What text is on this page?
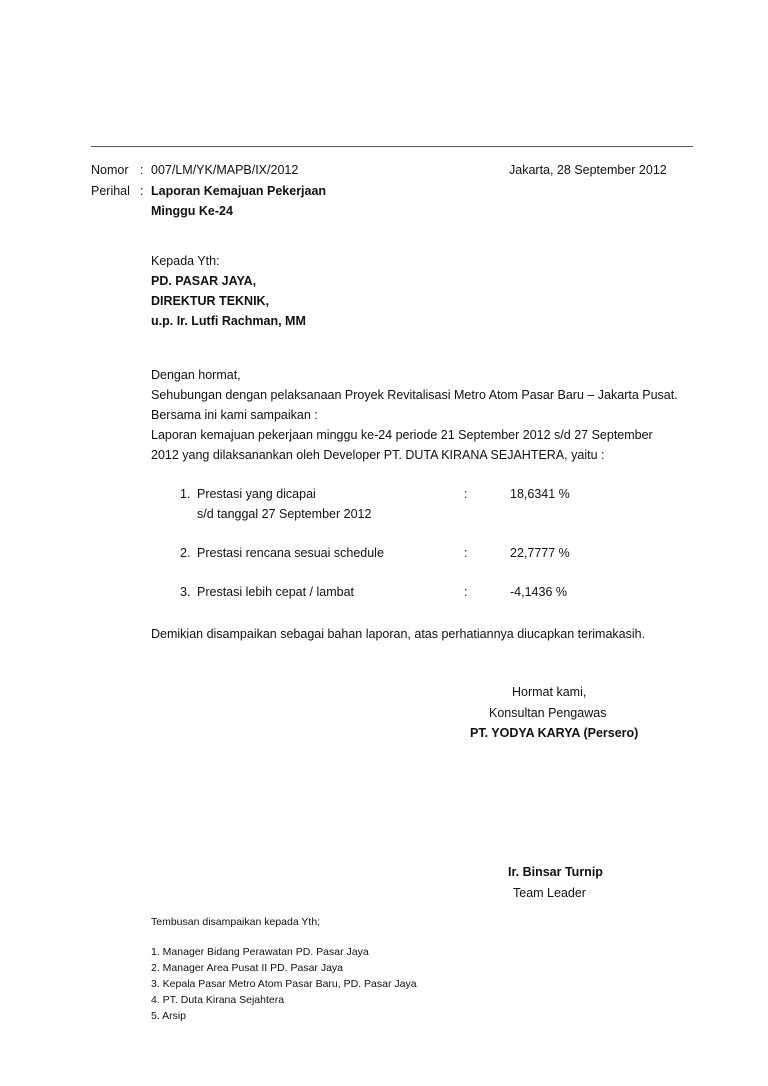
Nomor : 007/LM/YK/MAPB/IX/2012	Jakarta, 28 September 2012
Perihal : Laporan Kemajuan Pekerjaan
Minggu Ke-24
Kepada Yth:
PD. PASAR JAYA,
DIREKTUR TEKNIK,
u.p. Ir. Lutfi Rachman, MM
Dengan hormat,
Sehubungan dengan pelaksanaan Proyek Revitalisasi Metro Atom Pasar Baru – Jakarta Pusat.
Bersama ini kami sampaikan :
Laporan kemajuan pekerjaan minggu ke-24 periode 21 September 2012 s/d 27 September
2012 yang dilaksanankan oleh Developer PT. DUTA KIRANA SEJAHTERA, yaitu :
1. Prestasi yang dicapai
s/d tanggal 27 September 2012
:	18,6341 %
2. Prestasi rencana sesuai schedule	:	22,7777 %
3. Prestasi lebih cepat / lambat	:	-4,1436 %
Demikian disampaikan sebagai bahan laporan, atas perhatiannya diucapkan terimakasih.
Hormat kami,
Konsultan Pengawas
PT. YODYA KARYA (Persero)
Ir. Binsar Turnip
Team Leader
Tembusan disampaikan kepada Yth;
1. Manager Bidang Perawatan PD. Pasar Jaya
2. Manager Area Pusat II PD. Pasar Jaya
3. Kepala Pasar Metro Atom Pasar Baru, PD. Pasar Jaya
4. PT. Duta Kirana Sejahtera
5. Arsip
